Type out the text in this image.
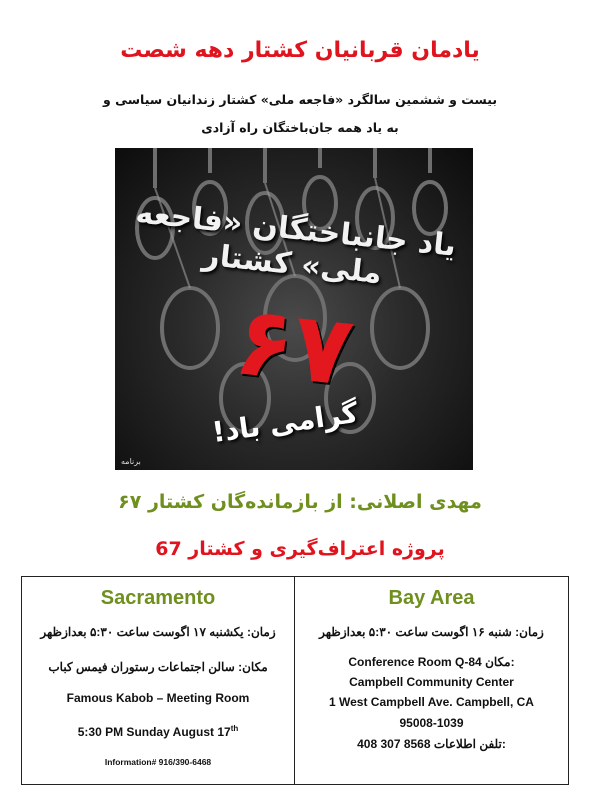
یادمان قربانیان کشتار دهه شصت
بیست و ششمین سالگرد «فاجعه ملی» کشتار زندانیان سیاسی و
به یاد همه جان‌باختگان راه آزادی
یاد جانباختگان «فاجعه ملی» کشتار
۶۷
گرامی باد!
برنامه
مهدی اصلانی: از بازمانده‌گان کشتار ۶۷
پروژه اعتراف‌گیری و کشتار 67
Sacramento
زمان: یکشنبه ۱۷ اگوست ساعت ۵:۳۰ بعدازظهر
مکان: سالن اجتماعات رستوران فیمس کباب
Famous Kabob – Meeting Room
5:30 PM Sunday August 17th
Information# 916/390-6468
Bay Area
زمان: شنبه ۱۶ اگوست ساعت ۵:۳۰ بعدازظهر
Conference Room Q-84 مکان:
Campbell Community Center
1 West Campbell Ave. Campbell, CA
95008-1039
408 307 8568 تلفن اطلاعات:
